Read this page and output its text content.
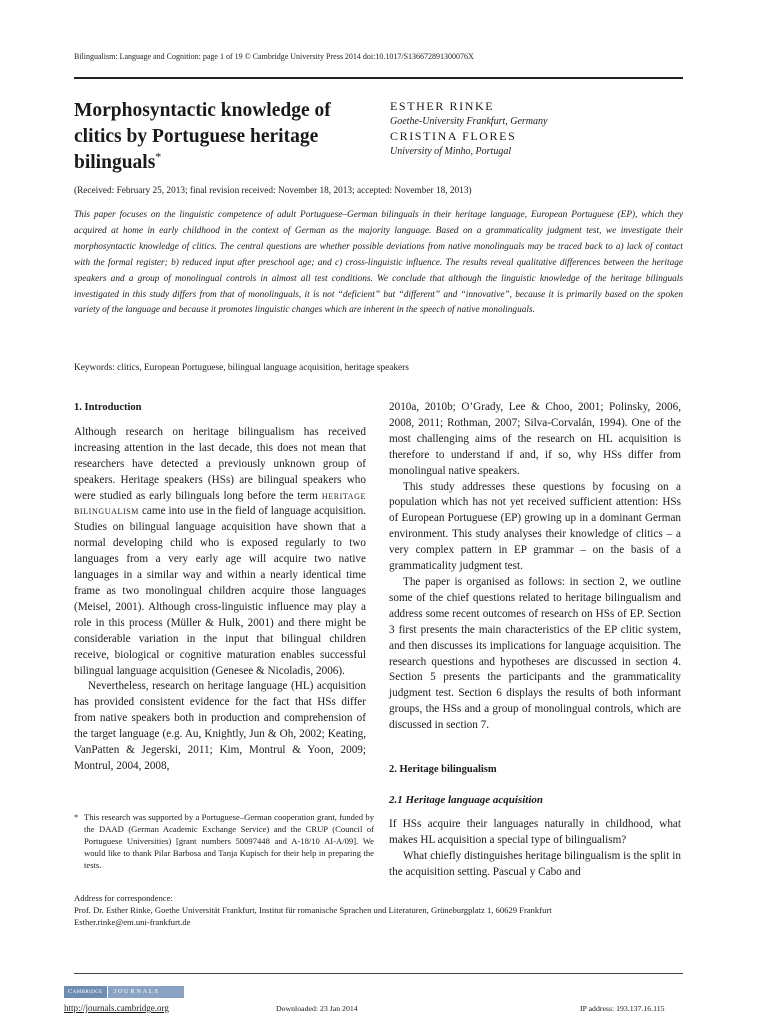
Bilingualism: Language and Cognition: page 1 of 19 © Cambridge University Press 2014 doi:10.1017/S136672891300076X
Morphosyntactic knowledge of clitics by Portuguese heritage bilinguals*
ESTHER RINKE
Goethe-University Frankfurt, Germany
CRISTINA FLORES
University of Minho, Portugal
(Received: February 25, 2013; final revision received: November 18, 2013; accepted: November 18, 2013)
This paper focuses on the linguistic competence of adult Portuguese–German bilinguals in their heritage language, European Portuguese (EP), which they acquired at home in early childhood in the context of German as the majority language. Based on a grammaticality judgment test, we investigate their morphosyntactic knowledge of clitics. The central questions are whether possible deviations from native monolinguals may be traced back to a) lack of contact with the formal register; b) reduced input after preschool age; and c) cross-linguistic influence. The results reveal qualitative differences between the heritage speakers and a group of monolingual controls in almost all test conditions. We conclude that although the linguistic knowledge of the heritage bilinguals investigated in this study differs from that of monolinguals, it is not “deficient” but “different” and “innovative”, because it is primarily based on the spoken variety of the language and because it promotes linguistic changes which are inherent in the speech of native monolinguals.
Keywords: clitics, European Portuguese, bilingual language acquisition, heritage speakers
1. Introduction

Although research on heritage bilingualism has received increasing attention in the last decade, this does not mean that researchers have detected a previously unknown group of speakers. Heritage speakers (HSs) are bilingual speakers who were studied as early bilinguals long before the term heritage bilingualism came into use in the field of language acquisition. Studies on bilingual language acquisition have shown that a normal developing child who is exposed regularly to two languages from a very early age will acquire two native languages in a similar way and within a nearly identical time frame as two monolingual children acquire those languages (Meisel, 2001). Although cross-linguistic influence may play a role in this process (Müller & Hulk, 2001) and there might be considerable variation in the input that bilingual children receive, biological or cognitive maturation enables successful bilingual language acquisition (Genesee & Nicoladis, 2006).

Nevertheless, research on heritage language (HL) acquisition has provided consistent evidence for the fact that HSs differ from native speakers both in production and comprehension of the target language (e.g. Au, Knightly, Jun & Oh, 2002; Keating, VanPatten & Jegerski, 2011; Kim, Montrul & Yoon, 2009; Montrul, 2004, 2008,

2010a, 2010b; O’Grady, Lee & Choo, 2001; Polinsky, 2006, 2008, 2011; Rothman, 2007; Silva-Corvalán, 1994). One of the most challenging aims of the research on HL acquisition is therefore to understand if and, if so, why HSs differ from monolingual native speakers.

This study addresses these questions by focusing on a population which has not yet received sufficient attention: HSs of European Portuguese (EP) growing up in a dominant German environment. This study analyses their knowledge of clitics – a very complex pattern in EP grammar – on the basis of a grammaticality judgment test.

The paper is organised as follows: in section 2, we outline some of the chief questions related to heritage bilingualism and address some recent outcomes of research on HSs of EP. Section 3 first presents the main characteristics of the EP clitic system, and then discusses its implications for language acquisition. The research questions and hypotheses are discussed in section 4. Section 5 presents the participants and the grammaticality judgment test. Section 6 displays the results of both informant groups, the HSs and a group of monolingual controls, which are discussed in section 7.

2. Heritage bilingualism
2.1 Heritage language acquisition

If HSs acquire their languages naturally in childhood, what makes HL acquisition a special type of bilingualism?

What chiefly distinguishes heritage bilingualism is the split in the acquisition setting. Pascual y Cabo and

* This research was supported by a Portuguese–German cooperation grant, funded by the DAAD (German Academic Exchange Service) and the CRUP (Council of Portuguese Universities) [grant numbers 50097448 and A-18/10 AI-A/09]. We would like to thank Pilar Barbosa and Tanja Kupisch for their help in preparing the tests.
Address for correspondence:
Prof. Dr. Esther Rinke, Goethe Universität Frankfurt, Institut für romanische Sprachen und Literaturen, Grüneburgplatz 1, 60629 Frankfurt
Esther.rinke@em.uni-frankfurt.de
Cambridge	JOURNALS
http://journals.cambridge.org	Downloaded: 23 Jan 2014	IP address: 193.137.16.115
